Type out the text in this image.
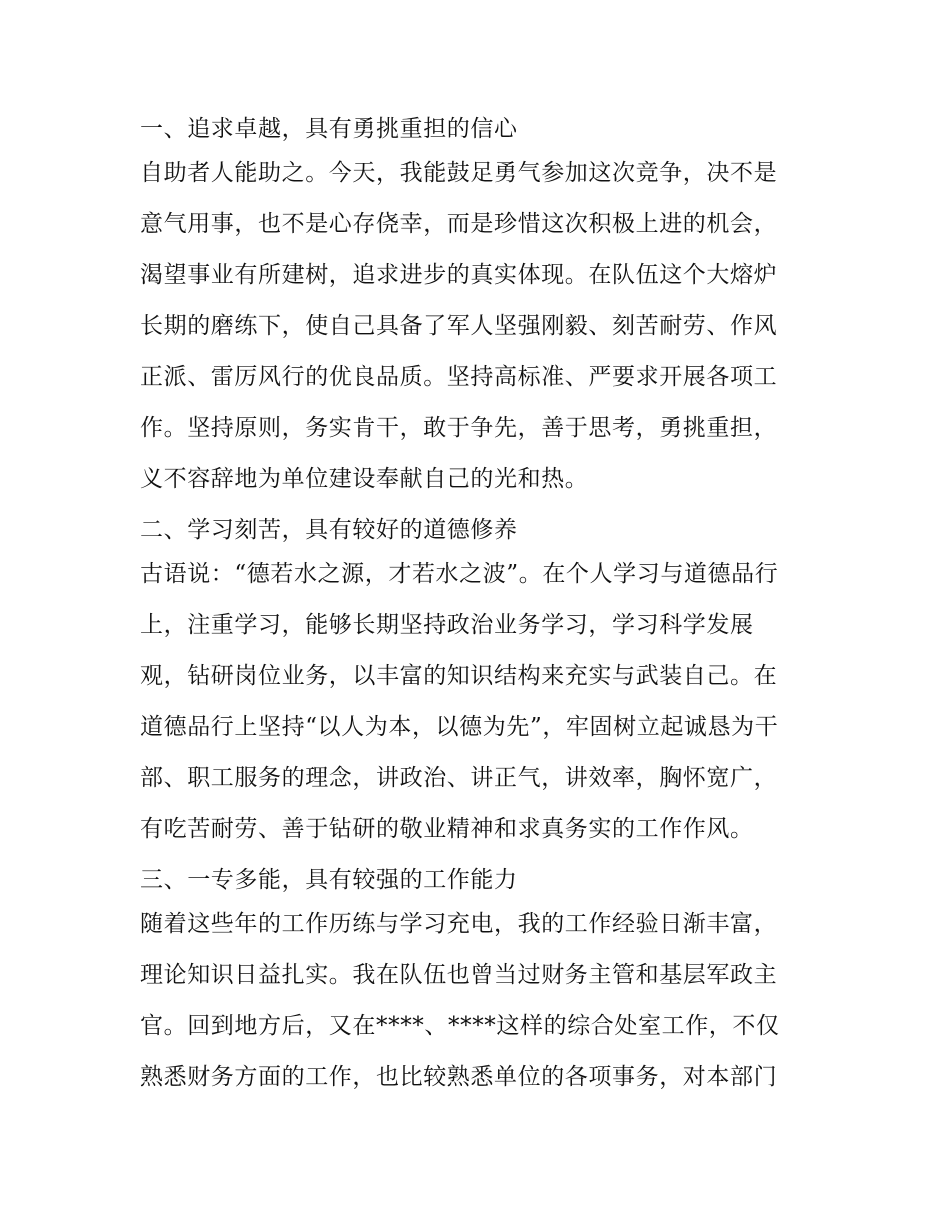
一、追求卓越，具有勇挑重担的信心
自助者人能助之。今天，我能鼓足勇气参加这次竞争，决不是
意气用事，也不是心存侥幸，而是珍惜这次积极上进的机会，
渴望事业有所建树，追求进步的真实体现。在队伍这个大熔炉
长期的磨练下，使自己具备了军人坚强刚毅、刻苦耐劳、作风
正派、雷厉风行的优良品质。坚持高标准、严要求开展各项工
作。坚持原则，务实肯干，敢于争先，善于思考，勇挑重担，
义不容辞地为单位建设奉献自己的光和热。
二、学习刻苦，具有较好的道德修养
古语说：“德若水之源，才若水之波”。在个人学习与道德品行
上，注重学习，能够长期坚持政治业务学习，学习科学发展
观，钻研岗位业务，以丰富的知识结构来充实与武装自己。在
道德品行上坚持“以人为本，以德为先”，牢固树立起诚恳为干
部、职工服务的理念，讲政治、讲正气，讲效率，胸怀宽广，
有吃苦耐劳、善于钻研的敬业精神和求真务实的工作作风。
三、一专多能，具有较强的工作能力
随着这些年的工作历练与学习充电，我的工作经验日渐丰富，
理论知识日益扎实。我在队伍也曾当过财务主管和基层军政主
官。回到地方后，又在****、****这样的综合处室工作，不仅
熟悉财务方面的工作，也比较熟悉单位的各项事务，对本部门
